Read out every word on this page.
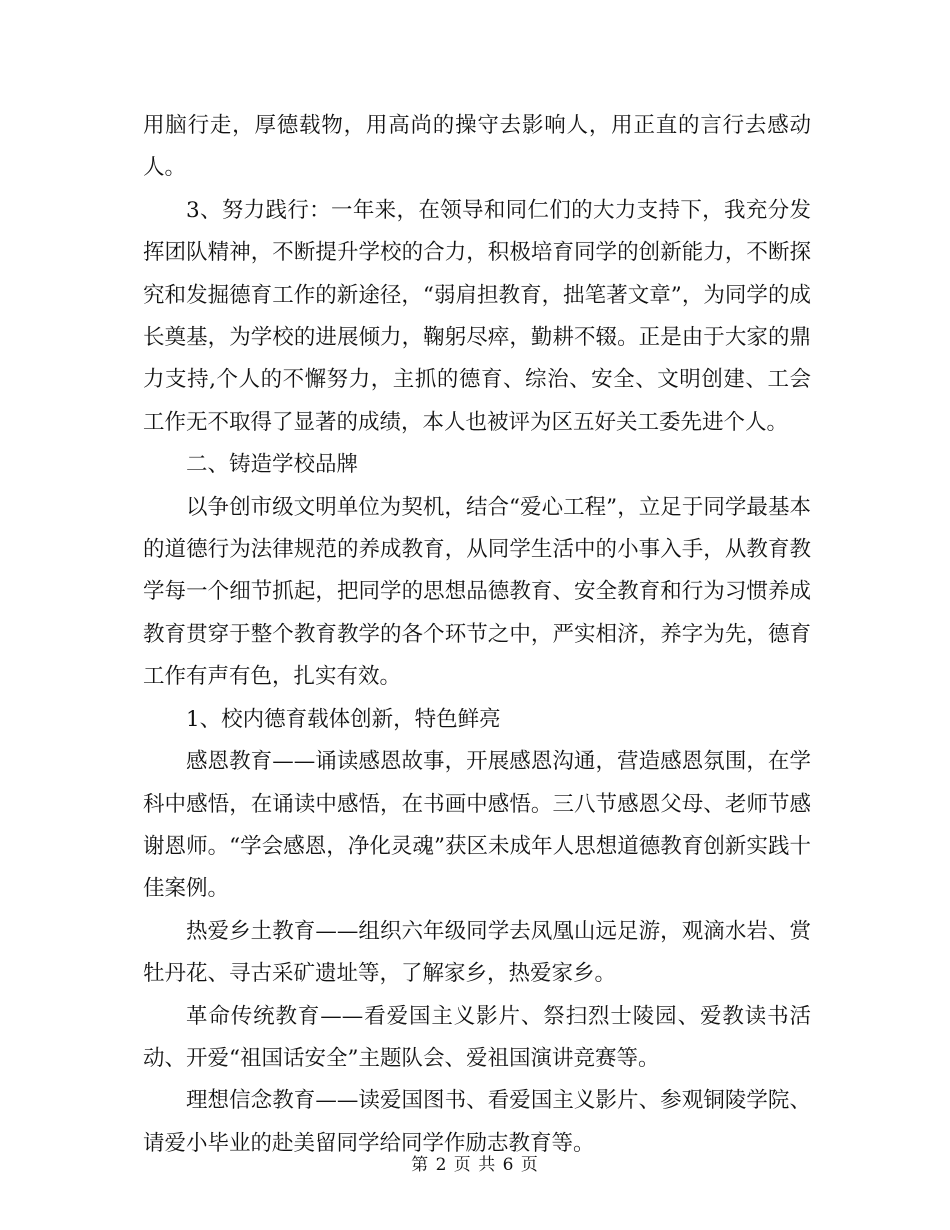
用脑行走，厚德载物，用高尚的操守去影响人，用正直的言行去感动人。

3、努力践行：一年来，在领导和同仁们的大力支持下，我充分发挥团队精神，不断提升学校的合力，积极培育同学的创新能力，不断探究和发掘德育工作的新途径，“弱肩担教育，拙笔著文章”，为同学的成长奠基，为学校的进展倾力，鞠躬尽瘁，勤耕不辍。正是由于大家的鼎力支持,个人的不懈努力，主抓的德育、综治、安全、文明创建、工会工作无不取得了显著的成绩，本人也被评为区五好关工委先进个人。

二、铸造学校品牌

以争创市级文明单位为契机，结合“爱心工程”，立足于同学最基本的道德行为法律规范的养成教育，从同学生活中的小事入手，从教育教学每一个细节抓起，把同学的思想品德教育、安全教育和行为习惯养成教育贯穿于整个教育教学的各个环节之中，严实相济，养字为先，德育工作有声有色，扎实有效。

1、校内德育载体创新，特色鲜亮

感恩教育——诵读感恩故事，开展感恩沟通，营造感恩氛围，在学科中感悟，在诵读中感悟，在书画中感悟。三八节感恩父母、老师节感谢恩师。“学会感恩，净化灵魂”获区未成年人思想道德教育创新实践十佳案例。

热爱乡土教育——组织六年级同学去凤凰山远足游，观滴水岩、赏牡丹花、寻古采矿遗址等，了解家乡，热爱家乡。

革命传统教育——看爱国主义影片、祭扫烈士陵园、爱教读书活动、开爱“祖国话安全”主题队会、爱祖国演讲竞赛等。

理想信念教育——读爱国图书、看爱国主义影片、参观铜陵学院、请爱小毕业的赴美留同学给同学作励志教育等。

第 2 页 共 6 页
